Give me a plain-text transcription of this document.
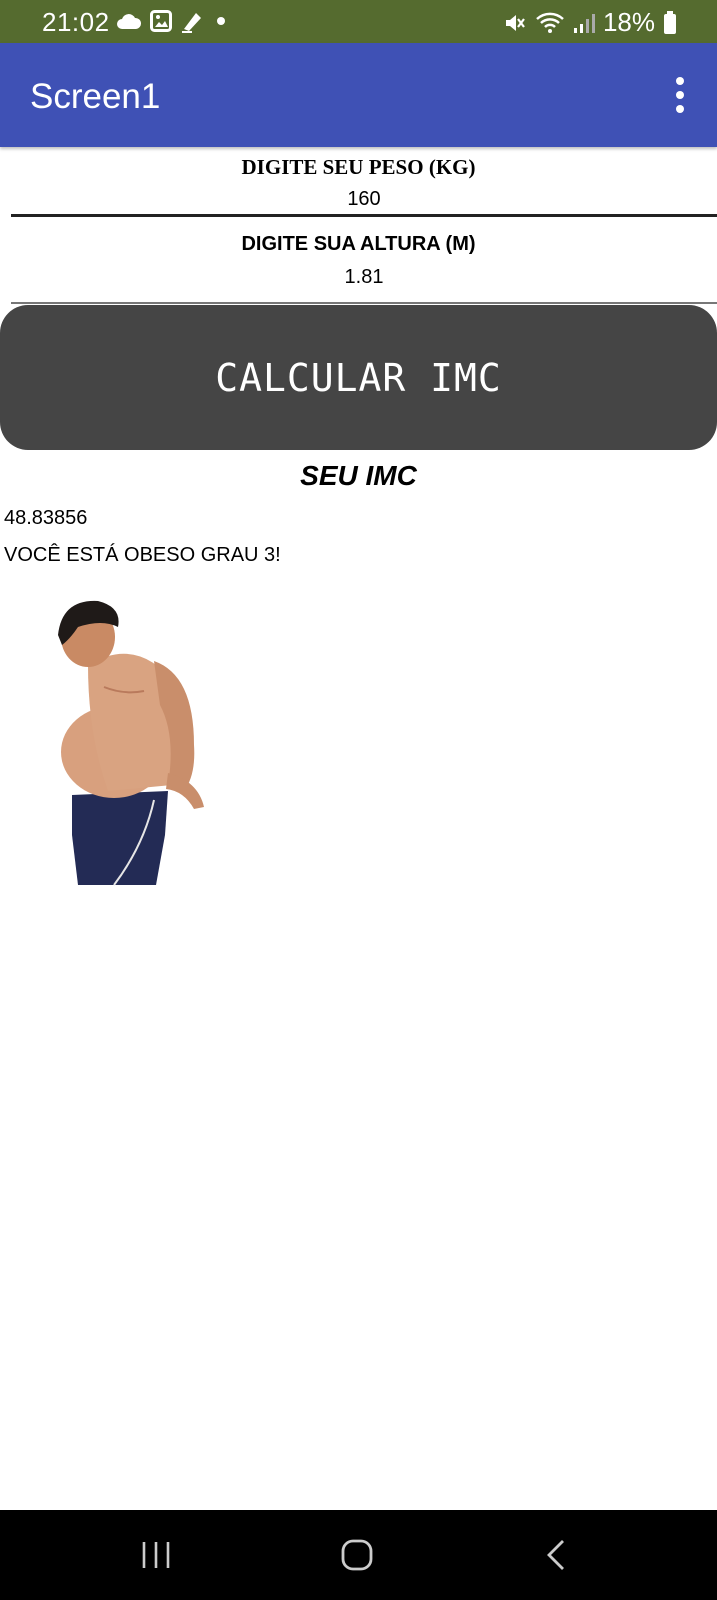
21:02	18%
Screen1
DIGITE SEU PESO (KG)
160
DIGITE SUA ALTURA (M)
1.81
CALCULAR IMC
SEU IMC
48.83856
VOCÊ ESTÁ OBESO GRAU 3!
